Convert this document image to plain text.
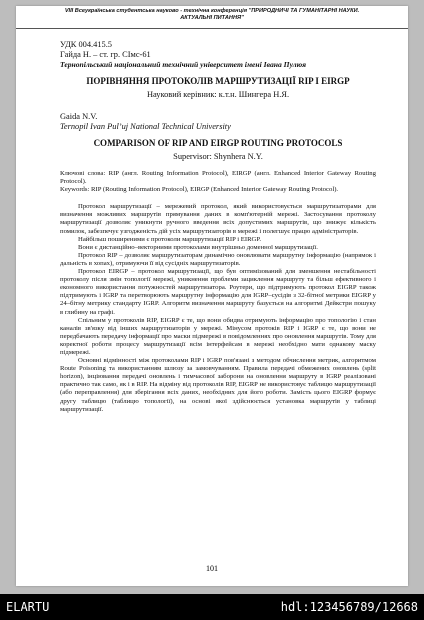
VIII Всеукраїнська студентська науково - технічна конференція "ПРИРОДНИЧІ ТА ГУМАНІТАРНІ НАУКИ.
АКТУАЛЬНІ ПИТАННЯ"
УДК 004.415.5
Гайда Н. – ст. гр. СІмс-61
Тернопільський національний технічний університет імені Івана Пулюя
ПОРІВНЯННЯ ПРОТОКОЛІВ МАРШРУТИЗАЦІЇ RIP І EIRGP
Науковий керівник: к.т.н. Шингера Н.Я.
Gaida N.V.
Ternopil Ivan Pul’uj National Technical University
COMPARISON OF RIP AND EIRGP ROUTING PROTOCOLS
Supervisor: Shynhera N.Y.

Ключові слова: RIP (англ. Routing Information Protocol), EIRGP (англ. Enhanced Interior Gateway Routing Protocol).

Keywords: RIP (Routing Information Protocol), EIRGP (Enhanced Interior Gateway Routing Protocol).

Протокол маршрутизації – мережевий протокол, який використовується маршрутизаторами для визначення можливих маршрутів прямування даних в комп'ютерній мережі. Застосування протоколу маршрутизації дозволяє уникнути ручного введення всіх допустимих маршрутів, що знижує кількість помилок, забезпечує узгодженість дій усіх маршрутизаторів в мережі і полегшує працю адміністраторів.

Найбільш поширеними є протоколи маршрутизації RIP і EIRGP.

Вони є дистанційно–векторними протоколами внутрішньо доменної маршрутизації.

Протокол RIP – дозволяє маршрутизаторам динамічно оновлювати маршрутну інформацію (напрямок і дальність в хопах), отримуючи її від сусідніх маршрутизаторів.

Протокол EIRGP – протокол маршрутизації, що був оптимізований для зменшення нестабільності протоколу після змін топології мережі, уникнення проблеми зациклення маршруту та більш ефективного і економного використання потужностей маршрутизатора. Роутери, що підтримують протокол EIGRP також підтримують і IGRP та перетворюють маршрутну інформацію для IGRP–сусідів з 32-бітної метрики EIGRP у 24–бітну метрику стандарту IGRP. Алгоритм визначення маршруту базується на алгоритмі Дейкстри пошуку в глибину на графі.

Спільним у протоколів RIP, EIGRP є те, що вони обидва отримують інформацію про топологію і стан каналів зв'язку від інших маршрутизаторів у мережі. Мінусом протоків RIP і IGRP є те, що вони не передбачають передачу інформації про маски підмережі в повідомленнях про оновлення маршрутів. Тому для коректної роботи процесу маршрутизації всім інтерфейсам в мережі необхідно мати однакову маску підмережі.

Основні відмінності між протоколами RIP і IGRP пов'язані з методом обчислення метрик, алгоритмом Route Poisoning та використанням шлюзу за замовчуванням. Правила передачі обмежених оновлень (split horizon), інціювання передачі оновлень і тимчасової заборони на оновлення маршруту в IGRP реалізовані практично так само, як і в RIP. На відміну від протоколів RIP, EIGRP не використовує таблицю маршрутизації (або переправлення) для зберігання всіх даних, необхідних для його роботи. Замість цього EIGRP формує другу таблицю (таблицю топології), на основі якої здійснюється установка маршрутів у таблиці маршрутизації.

101
ELARTU	hdl:123456789/12668
